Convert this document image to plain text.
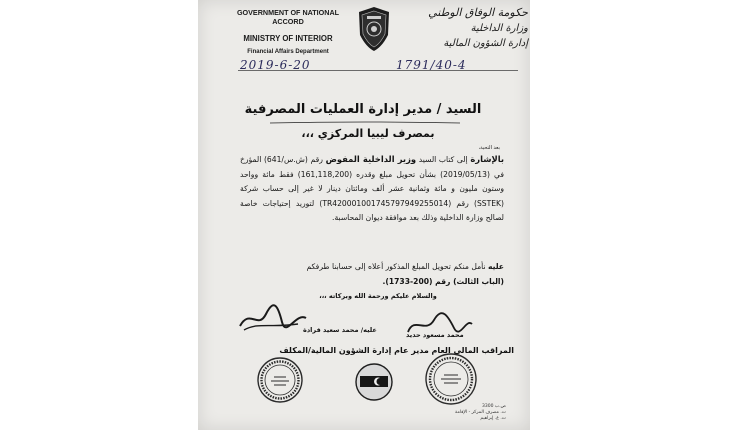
GOVERNMENT OF NATIONAL ACCORD
MINISTRY OF INTERIOR
Financial Affairs Department
حكومة الوفاق الوطني
وزارة الداخلية
إدارة الشؤون المالية
2019-6-20	1791/40-4
السيد / مدير إدارة العمليات المصرفية
بمصرف ليبيا المركزي ،،،
بعد التحية،
بالإشارة إلى كتاب السيد وزير الداخلية المفوض رقم (ش.س/641) المؤرخ في (2019/05/13) بشأن تحويل مبلغ وقدره (161,118,200) فقط مائة وواحد وستون مليون و مائة وثمانية عشر ألف ومائتان دينار لا غير إلى حساب شركة (SSTEK) رقم (TR420001001745797949255014) لتوريد إحتياجات خاصة لصالح وزارة الداخلية وذلك بعد موافقة ديوان المحاسبة.
عليه نأمل منكم تحويل المبلغ المذكور أعلاه إلى حسابنا طرفكم
(الباب الثالث) رقم (200-1733).
والسلام عليكم ورحمة الله وبركاته ،،،
عليه/ محمد سعيد قرادة
محمد مسعود حديد
المراقب المالي العام مدير عام إدارة الشؤون المالية/المكلف
ص.ب 3300
ت. مصرف المركز - الإقامة
ت. غ. إبراهيم
